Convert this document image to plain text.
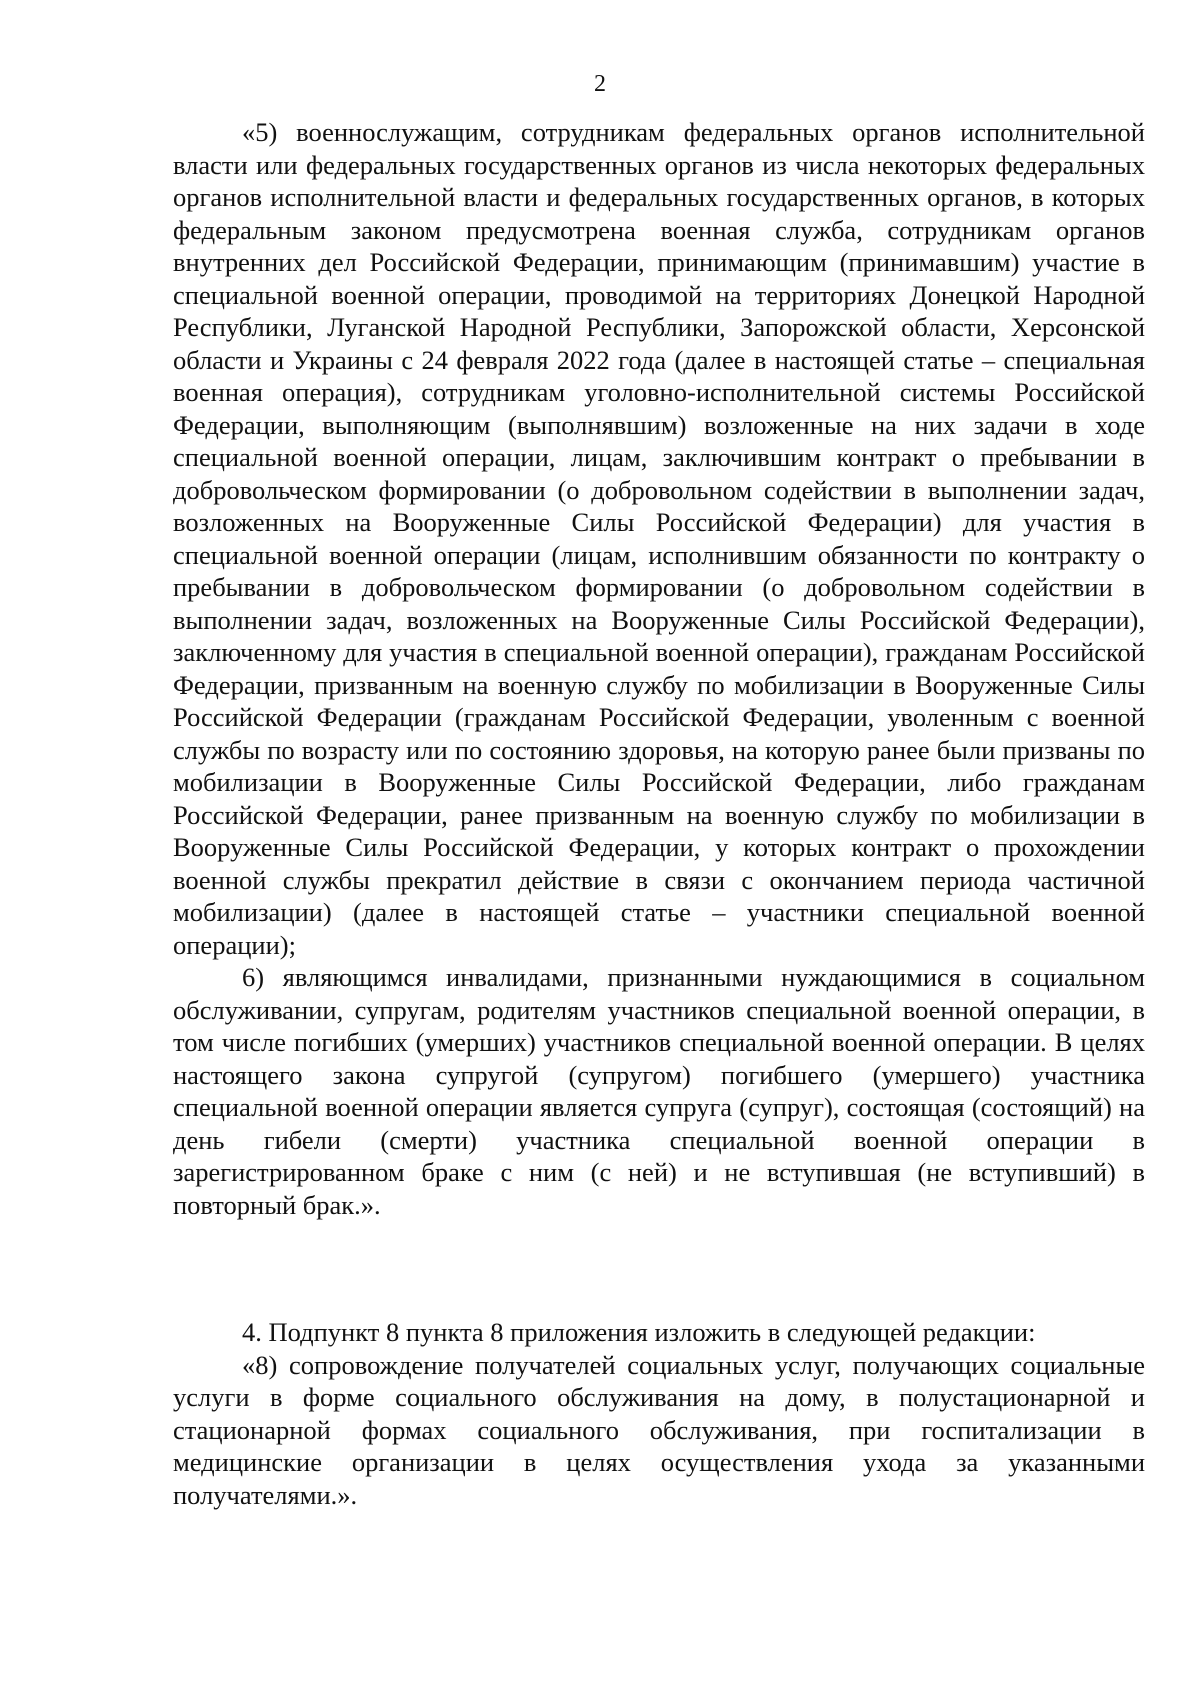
2

«5) военнослужащим, сотрудникам федеральных органов исполнительной власти или федеральных государственных органов из числа некоторых федеральных органов исполнительной власти и федеральных государственных органов, в которых федеральным законом предусмотрена военная служба, сотрудникам органов внутренних дел Российской Федерации, принимающим (принимавшим) участие в специальной военной операции, проводимой на территориях Донецкой Народной Республики, Луганской Народной Республики, Запорожской области, Херсонской области и Украины с 24 февраля 2022 года (далее в настоящей статье – специальная военная операция), сотрудникам уголовно-исполнительной системы Российской Федерации, выполняющим (выполнявшим) возложенные на них задачи в ходе специальной военной операции, лицам, заключившим контракт о пребывании в добровольческом формировании (о добровольном содействии в выполнении задач, возложенных на Вооруженные Силы Российской Федерации) для участия в специальной военной операции (лицам, исполнившим обязанности по контракту о пребывании в добровольческом формировании (о добровольном содействии в выполнении задач, возложенных на Вооруженные Силы Российской Федерации), заключенному для участия в специальной военной операции), гражданам Российской Федерации, призванным на военную службу по мобилизации в Вооруженные Силы Российской Федерации (гражданам Российской Федерации, уволенным с военной службы по возрасту или по состоянию здоровья, на которую ранее были призваны по мобилизации в Вооруженные Силы Российской Федерации, либо гражданам Российской Федерации, ранее призванным на военную службу по мобилизации в Вооруженные Силы Российской Федерации, у которых контракт о прохождении военной службы прекратил действие в связи с окончанием периода частичной мобилизации) (далее в настоящей статье – участники специальной военной операции);

6) являющимся инвалидами, признанными нуждающимися в социальном обслуживании, супругам, родителям участников специальной военной операции, в том числе погибших (умерших) участников специальной военной операции. В целях настоящего закона супругой (супругом) погибшего (умершего) участника специальной военной операции является супруга (супруг), состоящая (состоящий) на день гибели (смерти) участника специальной военной операции в зарегистрированном браке с ним (с ней) и не вступившая (не вступивший) в повторный брак.».

4. Подпункт 8 пункта 8 приложения изложить в следующей редакции:

«8) сопровождение получателей социальных услуг, получающих социальные услуги в форме социального обслуживания на дому, в полустационарной и стационарной формах социального обслуживания, при госпитализации в медицинские организации в целях осуществления ухода за указанными получателями.».
